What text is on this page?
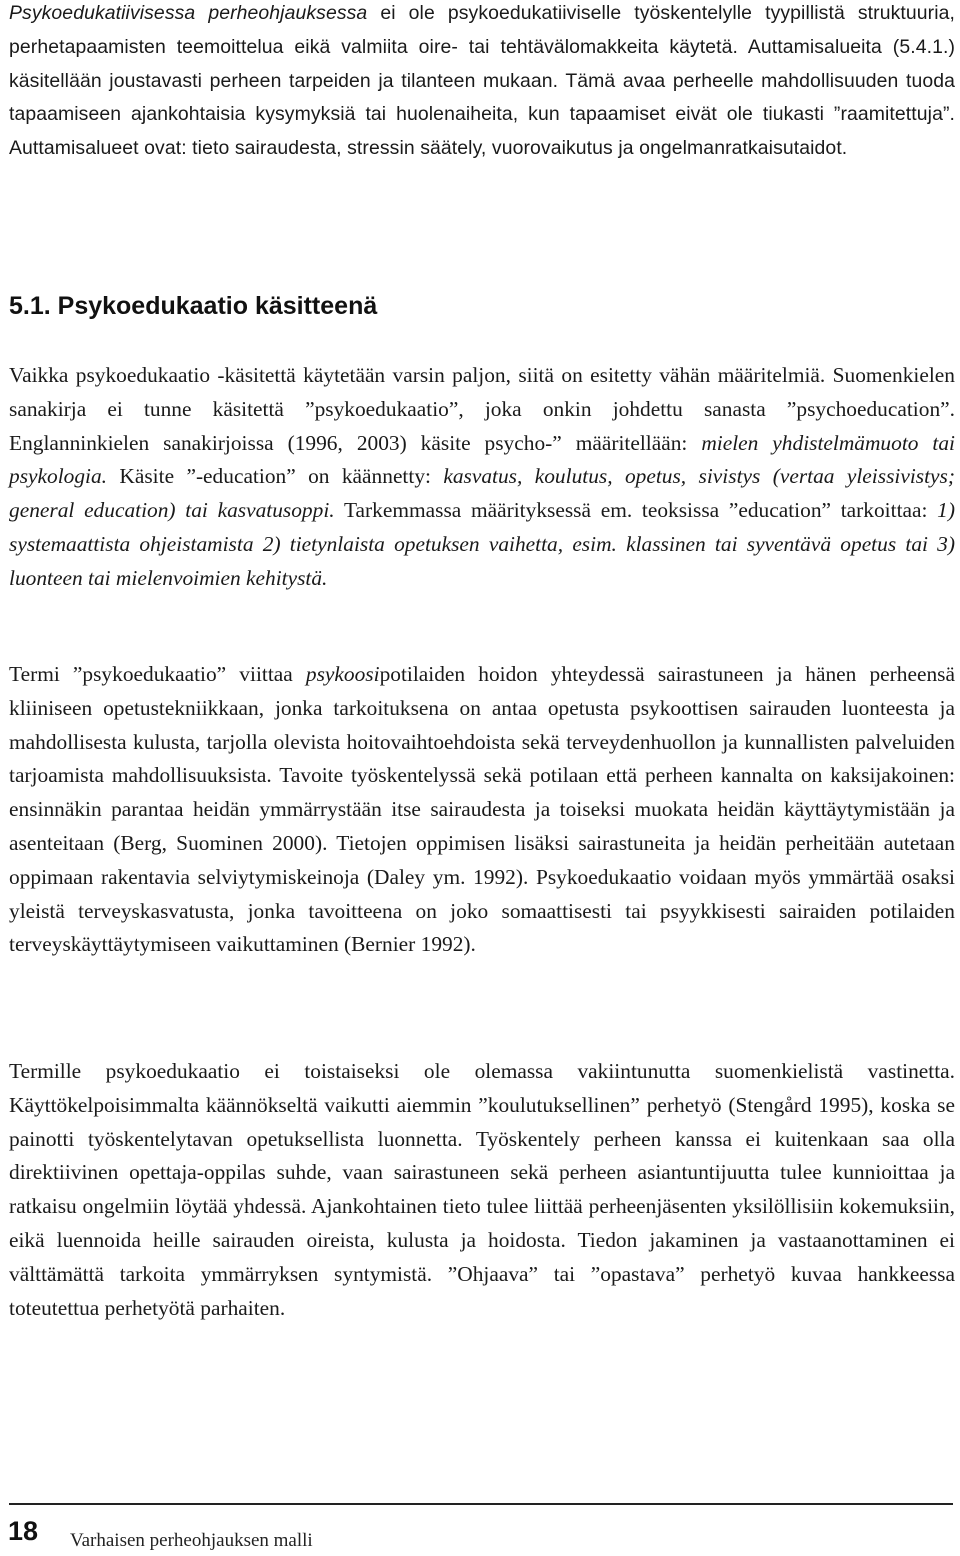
Psykoedukatiivisessa perheohjauksessa ei ole psykoedukatiiviselle työskentelylle tyypillistä struktuuria, perhetapaamisten teemoittelua eikä valmiita oire- tai tehtävälomakkeita käytetä. Auttamisalueita (5.4.1.) käsitellään joustavasti perheen tarpeiden ja tilanteen mukaan. Tämä avaa perheelle mahdollisuuden tuoda tapaamiseen ajankohtaisia kysymyksiä tai huolenaiheita, kun tapaamiset eivät ole tiukasti ”raamitettuja”. Auttamisalueet ovat: tieto sairaudesta, stressin säätely, vuorovaikutus ja ongelmanratkaisutaidot.

5.1. Psykoedukaatio käsitteenä

Vaikka psykoedukaatio -käsitettä käytetään varsin paljon, siitä on esitetty vähän määritelmiä. Suomenkielen sanakirja ei tunne käsitettä ”psykoedukaatio”, joka onkin johdettu sanasta ”psychoeducation”. Englanninkielen sanakirjoissa (1996, 2003) käsite psycho-” määritellään: mielen yhdistelmämuoto tai psykologia. Käsite ”-education” on käännetty: kasvatus, koulutus, opetus, sivistys (vertaa yleissivistys; general education) tai kasvatusoppi. Tarkemmassa määrityksessä em. teoksissa ”education” tarkoittaa: 1) systemaattista ohjeistamista 2) tietynlaista opetuksen vaihetta, esim. klassinen tai syventävä opetus tai 3) luonteen tai mielenvoimien kehitystä.

Termi ”psykoedukaatio” viittaa psykoosipotilaiden hoidon yhteydessä sairastuneen ja hänen perheensä kliiniseen opetustekniikkaan, jonka tarkoituksena on antaa opetusta psykoottisen sairauden luonteesta ja mahdollisesta kulusta, tarjolla olevista hoitovaihtoehdoista sekä terveydenhuollon ja kunnallisten palveluiden tarjoamista mahdollisuuksista. Tavoite työskentelyssä sekä potilaan että perheen kannalta on kaksijakoinen: ensinnäkin parantaa heidän ymmärrystään itse sairaudesta ja toiseksi muokata heidän käyttäytymistään ja asenteitaan (Berg, Suominen 2000). Tietojen oppimisen lisäksi sairastuneita ja heidän perheitään autetaan oppimaan rakentavia selviytymiskeinoja (Daley ym. 1992). Psykoedukaatio voidaan myös ymmärtää osaksi yleistä terveyskasvatusta, jonka tavoitteena on joko somaattisesti tai psyykkisesti sairaiden potilaiden terveyskäyttäytymiseen vaikuttaminen (Bernier 1992).

Termille psykoedukaatio ei toistaiseksi ole olemassa vakiintunutta suomenkielistä vastinetta. Käyttökelpoisimmalta käännökseltä vaikutti aiemmin ”koulutuksellinen” perhetyö (Stengård 1995), koska se painotti työskentelytavan opetuksellista luonnetta. Työskentely perheen kanssa ei kuitenkaan saa olla direktiivinen opettaja-oppilas suhde, vaan sairastuneen sekä perheen asiantuntijuutta tulee kunnioittaa ja ratkaisu ongelmiin löytää yhdessä. Ajankohtainen tieto tulee liittää perheenjäsenten yksilöllisiin kokemuksiin, eikä luennoida heille sairauden oireista, kulusta ja hoidosta. Tiedon jakaminen ja vastaanottaminen ei välttämättä tarkoita ymmärryksen syntymistä. ”Ohjaava” tai ”opastava” perhetyö kuvaa hankkeessa toteutettua perhetyötä parhaiten.

18 Varhaisen perheohjauksen malli
